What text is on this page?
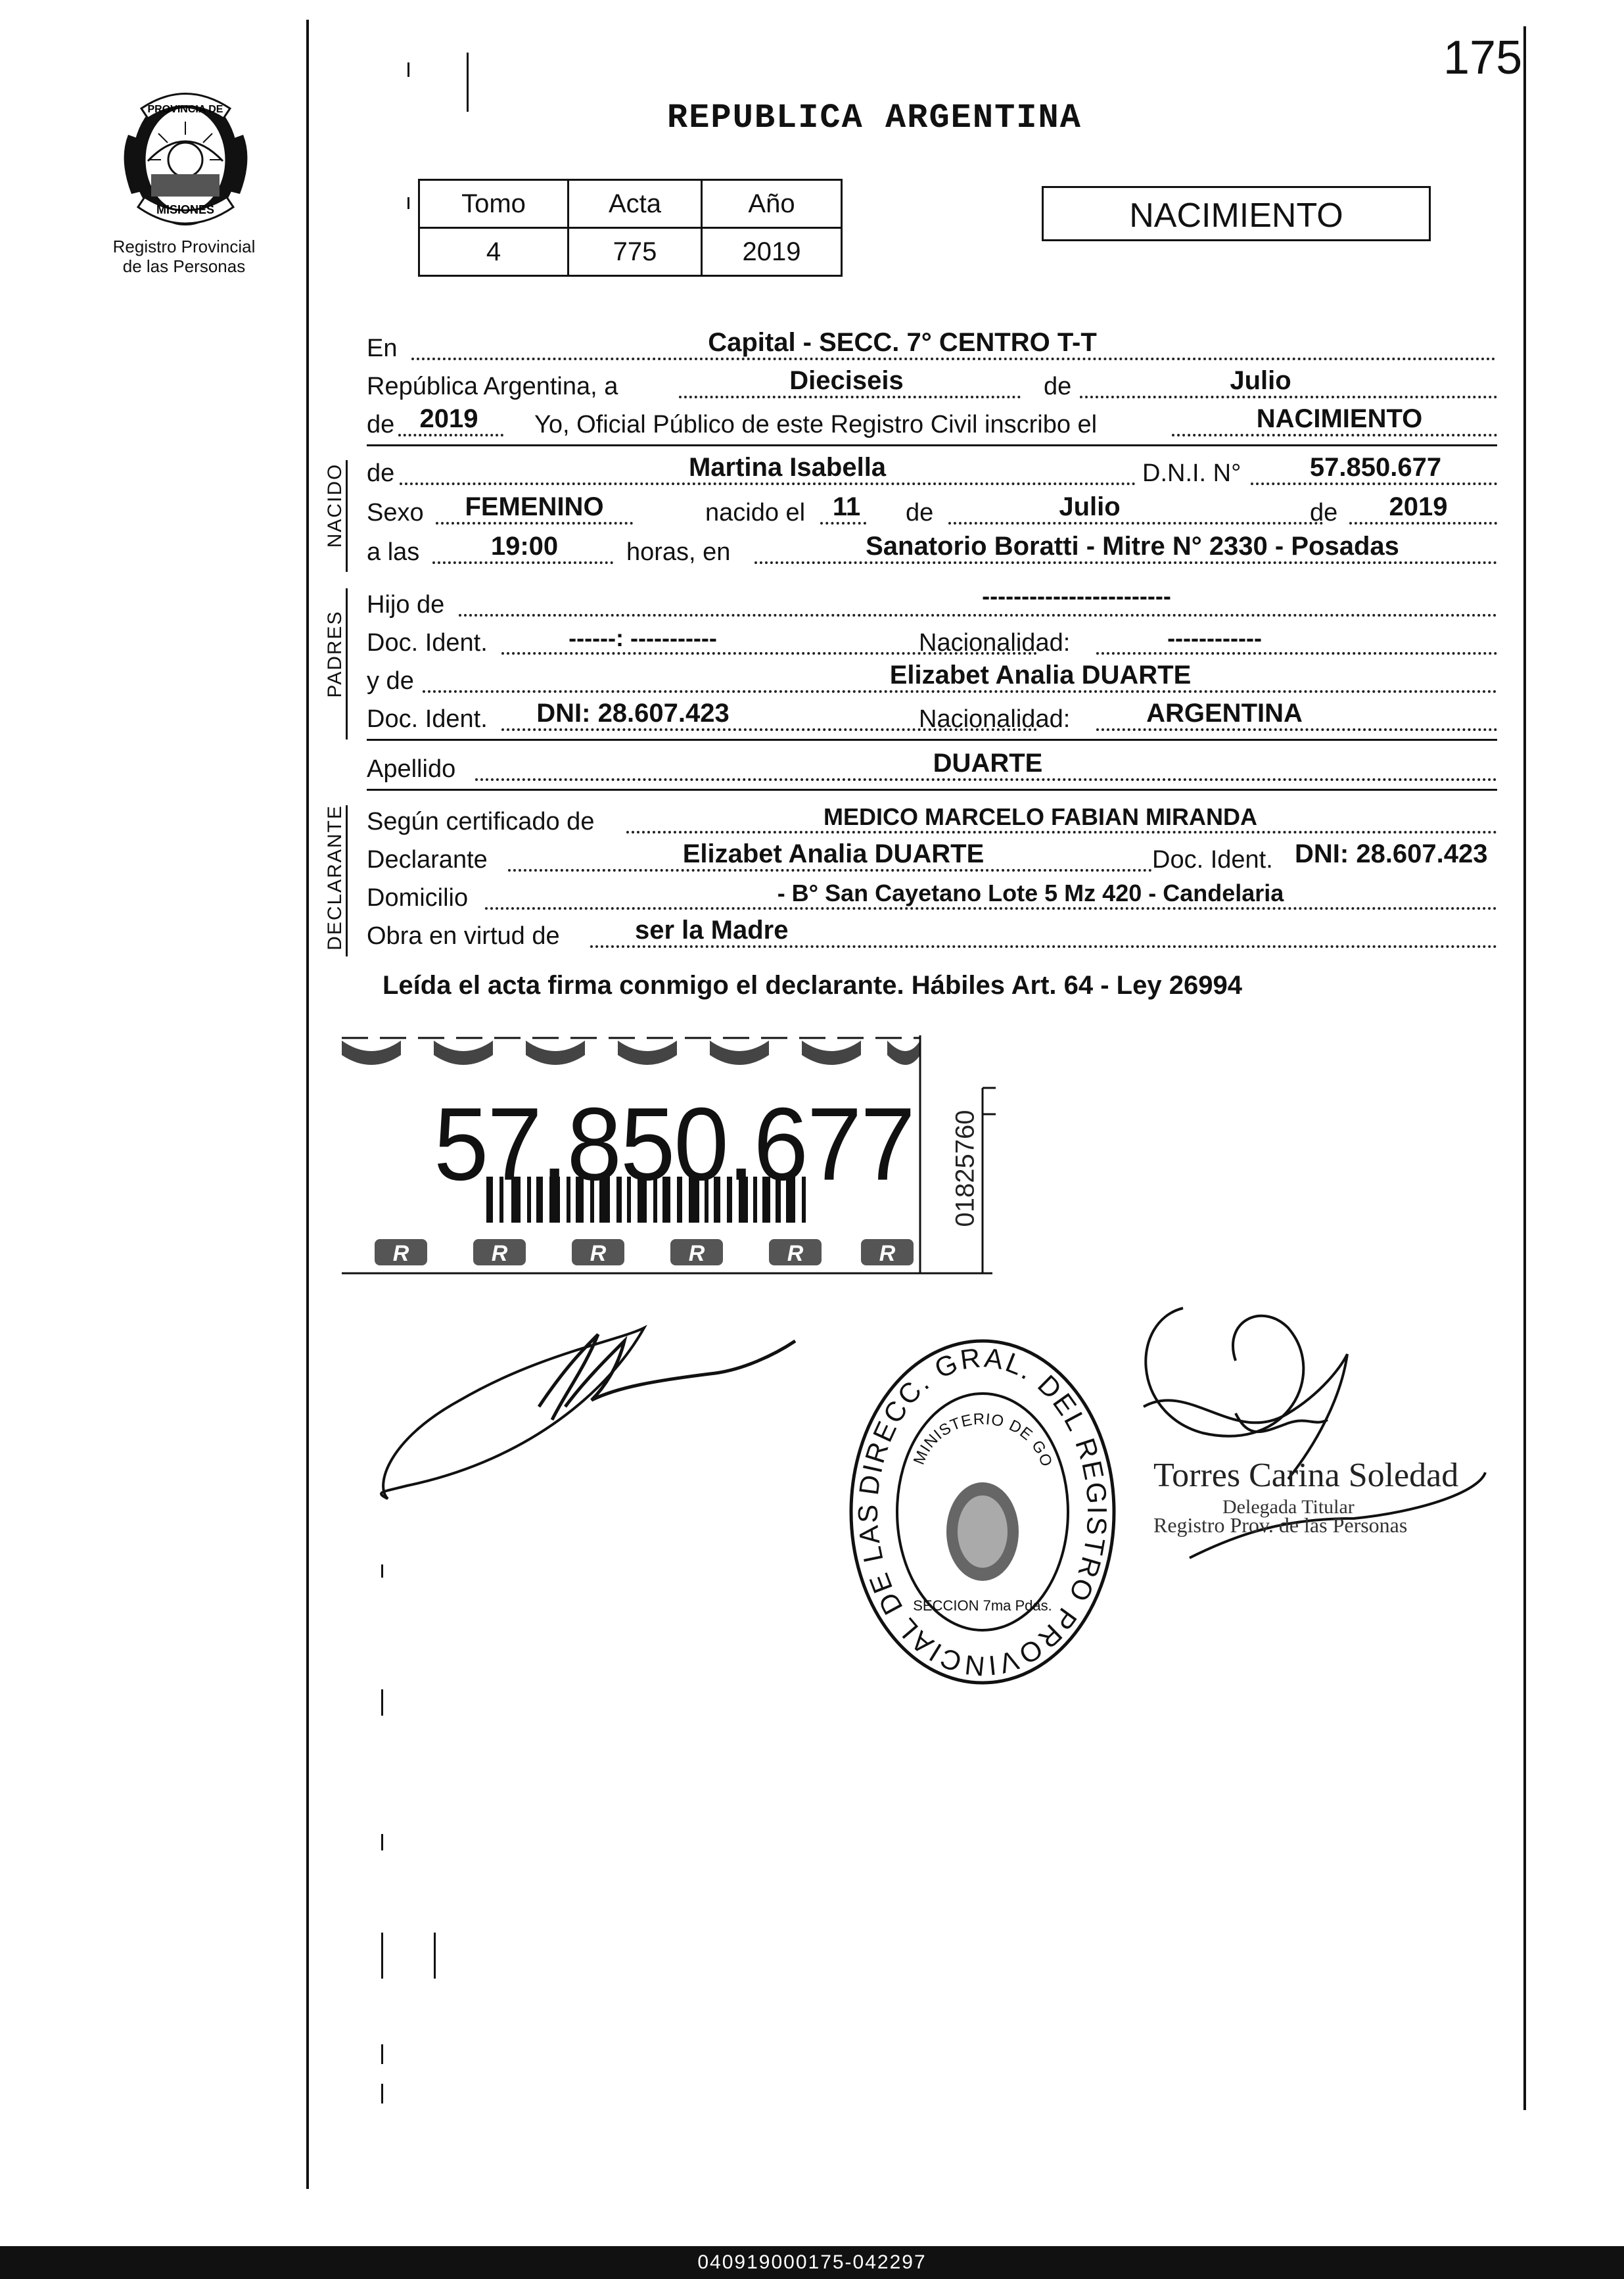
175
REPUBLICA ARGENTINA
PROVINCIA DE
MISIONES
Registro Provincial
de las Personas
Tomo	Acta	Año
4	775	2019
NACIMIENTO
En	Capital - SECC. 7° CENTRO T-T
República Argentina, a	Dieciseis	de	Julio
de 2019 Yo, Oficial Público de este Registro Civil inscribo el	NACIMIENTO
NACIDO de	Martina Isabella	D.N.I. N°	57.850.677
Sexo FEMENINO	nacido el 11 de	Julio	de 2019
a las	19:00	horas, en	Sanatorio Boratti - Mitre N° 2330 - Posadas
PADRES
Hijo de	------------------------
Doc. Ident.	------: -----------	Nacionalidad:	------------
y de	Elizabet Analia DUARTE
Doc. Ident. DNI: 28.607.423	Nacionalidad:	ARGENTINA
Apellido	DUARTE
DECLARANTE Según certificado de	MEDICO MARCELO FABIAN MIRANDA
Declarante	Elizabet Analia DUARTE	Doc. Ident. DNI: 28.607.423
Domicilio	- B° San Cayetano Lote 5 Mz 420 - Candelaria
Obra en virtud de	ser la Madre
Leída el acta firma conmigo el declarante. Hábiles Art. 64 - Ley 26994
R	R	R	R	R	R
57.850.677 01825760
DIRECC. GRAL. DEL REGISTRO PROVINCIAL DE LAS
MINISTERIO DE GO
SECCION 7ma Pdas.
Torres Carina Soledad
Delegada Titular
Registro Prov. de las Personas
040919000175-042297
